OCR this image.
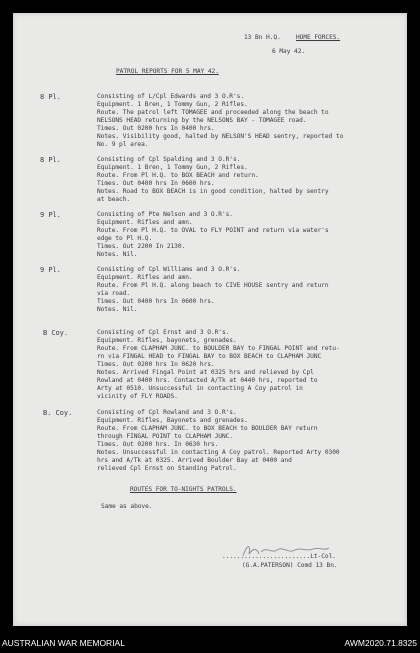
13 Bn H.Q. HOME FORCES.
6 May 42.
PATROL REPORTS FOR 5 MAY 42.
8 Pl.	Consisting of L/Cpl Edwards and 3 O.R's.
Equipment. 1 Bren, 1 Tommy Gun, 2 Rifles.
Route. The patrol left TOMAGEE and proceeded along the beach to
NELSONS HEAD returning by the NELSONS BAY - TOMAGEE road.
Times. Out 0200 hrs In 0400 hrs.
Notes. Visibility good, halted by NELSON'S HEAD sentry, reported to
No. 9 pl area.
8 Pl.	Consisting of Cpl Spalding and 3 O.R's.
Equipment. 1 Bren, 1 Tommy Gun, 2 Rifles.
Route. From Pl H.Q. to BOX BEACH and return.
Times. Out 0400 hrs In 0600 hrs.
Notes. Road to BOX BEACH is in good condition, halted by sentry
at beach.
9 Pl.	Consisting of Pte Nelson and 3 O.R's.
Equipment. Rifles and amn.
Route. From Pl H.Q. to OVAL to FLY POINT and return via water's
edge to Pl H.Q.
Times. Out 2200 In 2130.
Notes. Nil.
9 Pl.	Consisting of Cpl Williams and 3 O.R's.
Equipment. Rifles and amn.
Route. From Pl H.Q. along beach to CIVE HOUSE sentry and return
via road.
Times. Out 0400 hrs In 0600 hrs.
Notes. Nil.
B Coy.	Consisting of Cpl Ernst and 3 O.R's.
Equipment. Rifles, bayonets, grenades.
Route. From CLAPHAM JUNC. to BOULDER BAY to FINGAL POINT and retu-
rn via FINGAL HEAD to FINGAL BAY to BOX BEACH to CLAPHAM JUNC
Times. Out 0200 hrs In 0620 hrs.
Notes. Arrived Fingal Point at 0325 hrs and relieved by Cpl
Rowland at 0400 hrs. Contacted A/Tk at 0440 hrs, reported to
Arty at 0510. Unsuccessful in contacting A Coy patrol in
vicinity of FLY ROADS.
B. Coy.	Consisting of Cpl Rowland and 3 O.R's.
Equipment. Rifles, Bayonets and grenades.
Route. From CLAPHAM JUNC. to BOX BEACH to BOULDER BAY return
through FINGAL POINT to CLAPHAM JUNC.
Times. Out 0200 hrs. In 0630 hrs.
Notes. Unsuccessful in contacting A Coy patrol. Reported Arty 0300
hrs and A/Tk at 0325. Arrived Boulder Bay at 0400 and
relieved Cpl Ernst on Standing Patrol.
ROUTES FOR TO-NIGHTS PATROLS.
Same as above.
........................Lt-Col.
(G.A.PATERSON) Comd 13 Bn.
AUSTRALIAN WAR MEMORIAL	AWM2020.71.8325
